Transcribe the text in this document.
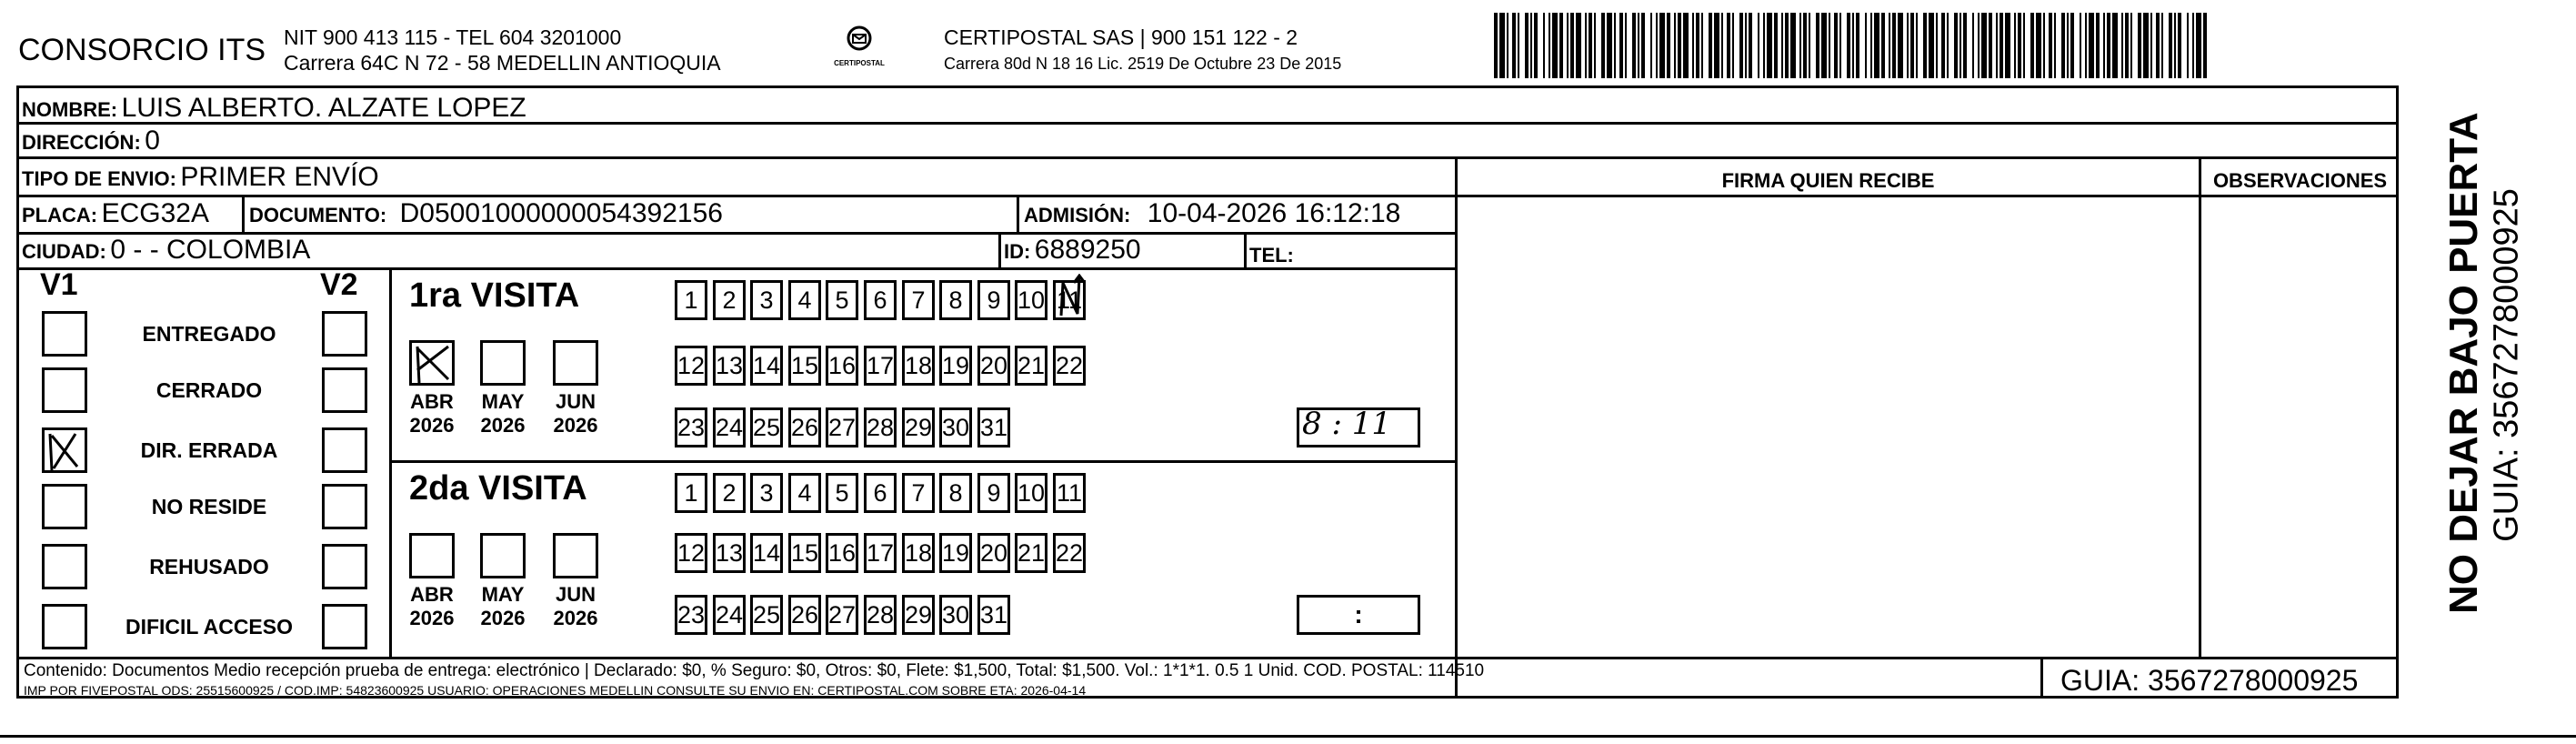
CONSORCIO ITS NIT 900 413 115 - TEL 604 3201000
Carrera 64C N 72 - 58 MEDELLIN ANTIOQUIA	CERTIPOSTAL
CERTIPOSTAL SAS | 900 151 122 - 2
Carrera 80d N 18 16 Lic. 2519 De Octubre 23 De 2015
NOMBRE: LUIS ALBERTO. ALZATE LOPEZ
DIRECCIÓN: 0
TIPO DE ENVIO: PRIMER ENVÍO	FIRMA QUIEN RECIBE	OBSERVACIONES
PLACA: ECG32A DOCUMENTO: D05001000000054392156	ADMISIÓN: 10-04-2026 16:12:18
CIUDAD: 0 - - COLOMBIA	ID: 6889250	TEL:
V1	V2
ENTREGADO
CERRADO
DIR. ERRADA
NO RESIDE
REHUSADO
DIFICIL ACCESO
1ra VISITA
2da VISITA
ABR
2026
MAY
2026
JUN
2026
ABR
2026
MAY
2026
JUN
2026
1 2 3 4 5 6 7 8 9 10 11
12 13 14 15 16 17 18 19 20 21 22
23 24 25 26 27 28 29 30 31
1 2 3 4 5 6 7 8 9 10 11
12 13 14 15 16 17 18 19 20 21 22
23 24 25 26 27 28 29 30 31
8 : 11
:
Contenido: Documentos Medio recepción prueba de entrega: electrónico | Declarado: $0, % Seguro: $0, Otros: $0, Flete: $1,500, Total: $1,500. Vol.: 1*1*1. 0.5 1 Unid. COD. POSTAL: 114510
IMP POR FIVEPOSTAL ODS: 25515600925 / COD.IMP: 54823600925 USUARIO: OPERACIONES MEDELLIN CONSULTE SU ENVIO EN: CERTIPOSTAL.COM SOBRE ETA: 2026-04-14	GUIA: 3567278000925
NO DEJAR BAJO PUERTA GUIA: 3567278000925
